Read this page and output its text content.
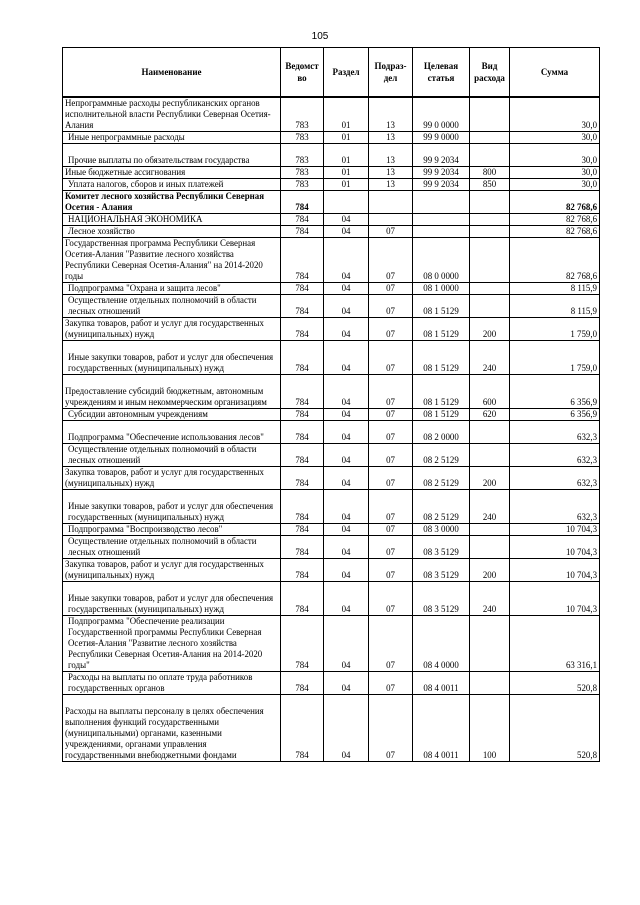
105
Наименование	Ведомст во	Раздел	Подраз- дел	Целевая статья	Вид расхода	Сумма
Непрограммные расходы республиканских органов исполнительной власти Республики Северная Осетия-Алания	783	01	13	99 0 0000		30,0
Иные непрограммные расходы	783	01	13	99 9 0000		30,0
Прочие выплаты по обязательствам государства	783	01	13	99 9 2034		30,0
Иные бюджетные ассигнования	783	01	13	99 9 2034	800	30,0
Уплата налогов, сборов и иных платежей	783	01	13	99 9 2034	850	30,0
Комитет лесного хозяйства Республики Северная Осетия - Алания	784					82 768,6
НАЦИОНАЛЬНАЯ ЭКОНОМИКА	784	04				82 768,6
Лесное хозяйство	784	04	07			82 768,6
Государственная программа Республики Северная Осетия-Алания "Развитие лесного хозяйства Республики Северная Осетия-Алания" на 2014-2020 годы	784	04	07	08 0 0000		82 768,6
Подпрограмма "Охрана и защита лесов"	784	04	07	08 1 0000		8 115,9
Осуществление отдельных полномочий в области лесных отношений	784	04	07	08 1 5129		8 115,9
Закупка товаров, работ и услуг для государственных (муниципальных) нужд	784	04	07	08 1 5129	200	1 759,0
Иные закупки товаров, работ и услуг для обеспечения государственных (муниципальных) нужд	784	04	07	08 1 5129	240	1 759,0
Предоставление субсидий бюджетным, автономным учреждениям и иным некоммерческим организациям	784	04	07	08 1 5129	600	6 356,9
Субсидии автономным учреждениям	784	04	07	08 1 5129	620	6 356,9
Подпрограмма "Обеспечение использования лесов"	784	04	07	08 2 0000		632,3
Осуществление отдельных полномочий в области лесных отношений	784	04	07	08 2 5129		632,3
Закупка товаров, работ и услуг для государственных (муниципальных) нужд	784	04	07	08 2 5129	200	632,3
Иные закупки товаров, работ и услуг для обеспечения государственных (муниципальных) нужд	784	04	07	08 2 5129	240	632,3
Подпрограмма "Воспроизводство лесов"	784	04	07	08 3 0000		10 704,3
Осуществление отдельных полномочий в области лесных отношений	784	04	07	08 3 5129		10 704,3
Закупка товаров, работ и услуг для государственных (муниципальных) нужд	784	04	07	08 3 5129	200	10 704,3
Иные закупки товаров, работ и услуг для обеспечения государственных (муниципальных) нужд	784	04	07	08 3 5129	240	10 704,3
Подпрограмма "Обеспечение реализации Государственной программы Республики Северная Осетия-Алания "Развитие лесного хозяйства Республики Северная Осетия-Алания на 2014-2020 годы"	784	04	07	08 4 0000		63 316,1
Расходы на выплаты по оплате труда работников государственных органов	784	04	07	08 4 0011		520,8
Расходы на выплаты персоналу в целях обеспечения выполнения функций государственными (муниципальными) органами, казенными учреждениями, органами управления государственными внебюджетными фондами	784	04	07	08 4 0011	100	520,8
